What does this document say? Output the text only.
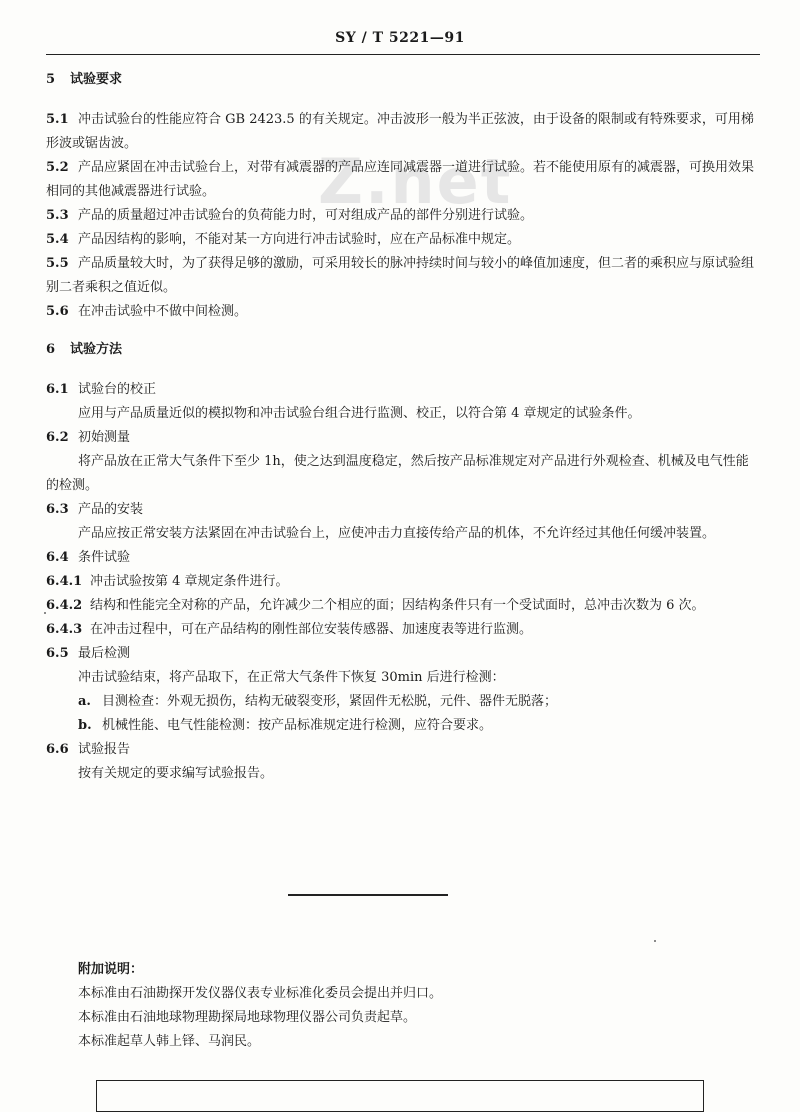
SY / T 5221—91
Z.net
5 试验要求

5.1 冲击试验台的性能应符合 GB 2423.5 的有关规定。冲击波形一般为半正弦波，由于设备的限制或有特殊要求，可用梯形波或锯齿波。

5.2 产品应紧固在冲击试验台上，对带有减震器的产品应连同减震器一道进行试验。若不能使用原有的减震器，可换用效果相同的其他减震器进行试验。

5.3 产品的质量超过冲击试验台的负荷能力时，可对组成产品的部件分别进行试验。

5.4 产品因结构的影响，不能对某一方向进行冲击试验时，应在产品标准中规定。

5.5 产品质量较大时，为了获得足够的激励，可采用较长的脉冲持续时间与较小的峰值加速度，但二者的乘积应与原试验组别二者乘积之值近似。

5.6 在冲击试验中不做中间检测。

6 试验方法

6.1 试验台的校正

应用与产品质量近似的模拟物和冲击试验台组合进行监测、校正，以符合第 4 章规定的试验条件。

6.2 初始测量

将产品放在正常大气条件下至少 1h，使之达到温度稳定，然后按产品标准规定对产品进行外观检查、机械及电气性能的检测。

6.3 产品的安装

产品应按正常安装方法紧固在冲击试验台上，应使冲击力直接传给产品的机体，不允许经过其他任何缓冲装置。

6.4 条件试验

6.4.1 冲击试验按第 4 章规定条件进行。

6.4.2 结构和性能完全对称的产品，允许减少二个相应的面；因结构条件只有一个受试面时，总冲击次数为 6 次。

6.4.3 在冲击过程中，可在产品结构的刚性部位安装传感器、加速度表等进行监测。

6.5 最后检测

冲击试验结束，将产品取下，在正常大气条件下恢复 30min 后进行检测：

a. 目测检查：外观无损伤，结构无破裂变形，紧固件无松脱，元件、器件无脱落；

b. 机械性能、电气性能检测：按产品标准规定进行检测，应符合要求。

6.6 试验报告

按有关规定的要求编写试验报告。

附加说明：

本标准由石油勘探开发仪器仪表专业标准化委员会提出并归口。

本标准由石油地球物理勘探局地球物理仪器公司负责起草。

本标准起草人韩上铎、马润民。
